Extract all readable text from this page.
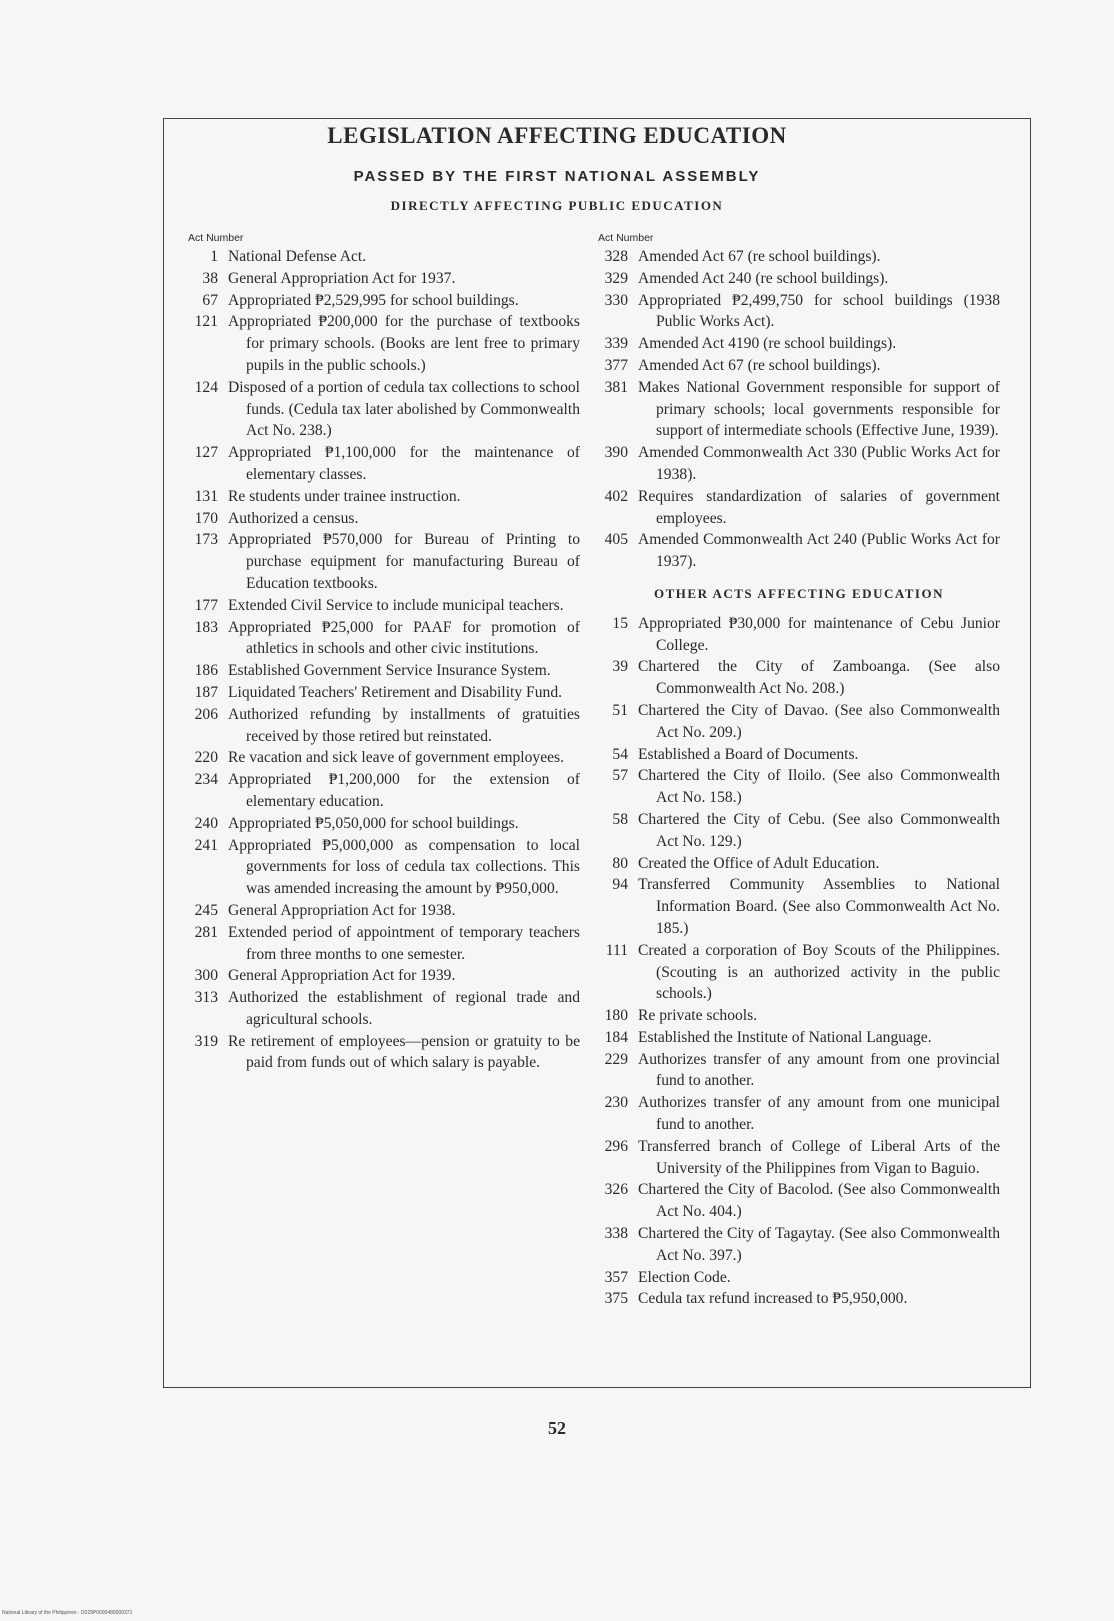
LEGISLATION AFFECTING EDUCATION
PASSED BY THE FIRST NATIONAL ASSEMBLY
DIRECTLY AFFECTING PUBLIC EDUCATION
Act Number
1 National Defense Act.
38 General Appropriation Act for 1937.
67 Appropriated ₱2,529,995 for school buildings.
121 Appropriated ₱200,000 for the purchase of textbooks for primary schools. (Books are lent free to primary pupils in the public schools.)
124 Disposed of a portion of cedula tax collections to school funds. (Cedula tax later abolished by Commonwealth Act No. 238.)
127 Appropriated ₱1,100,000 for the maintenance of elementary classes.
131 Re students under trainee instruction.
170 Authorized a census.
173 Appropriated ₱570,000 for Bureau of Printing to purchase equipment for manufacturing Bureau of Education textbooks.
177 Extended Civil Service to include municipal teachers.
183 Appropriated ₱25,000 for PAAF for promotion of athletics in schools and other civic institutions.
186 Established Government Service Insurance System.
187 Liquidated Teachers' Retirement and Disability Fund.
206 Authorized refunding by installments of gratuities received by those retired but reinstated.
220 Re vacation and sick leave of government employees.
234 Appropriated ₱1,200,000 for the extension of elementary education.
240 Appropriated ₱5,050,000 for school buildings.
241 Appropriated ₱5,000,000 as compensation to local governments for loss of cedula tax collections. This was amended increasing the amount by ₱950,000.
245 General Appropriation Act for 1938.
281 Extended period of appointment of temporary teachers from three months to one semester.
300 General Appropriation Act for 1939.
313 Authorized the establishment of regional trade and agricultural schools.
319 Re retirement of employees—pension or gratuity to be paid from funds out of which salary is payable.
Act Number
328 Amended Act 67 (re school buildings).
329 Amended Act 240 (re school buildings).
330 Appropriated ₱2,499,750 for school buildings (1938 Public Works Act).
339 Amended Act 4190 (re school buildings).
377 Amended Act 67 (re school buildings).
381 Makes National Government responsible for support of primary schools; local governments responsible for support of intermediate schools (Effective June, 1939).
390 Amended Commonwealth Act 330 (Public Works Act for 1938).
402 Requires standardization of salaries of government employees.
405 Amended Commonwealth Act 240 (Public Works Act for 1937).
OTHER ACTS AFFECTING EDUCATION
15 Appropriated ₱30,000 for maintenance of Cebu Junior College.
39 Chartered the City of Zamboanga. (See also Commonwealth Act No. 208.)
51 Chartered the City of Davao. (See also Commonwealth Act No. 209.)
54 Established a Board of Documents.
57 Chartered the City of Iloilo. (See also Commonwealth Act No. 158.)
58 Chartered the City of Cebu. (See also Commonwealth Act No. 129.)
80 Created the Office of Adult Education.
94 Transferred Community Assemblies to National Information Board. (See also Commonwealth Act No. 185.)
111 Created a corporation of Boy Scouts of the Philippines. (Scouting is an authorized activity in the public schools.)
180 Re private schools.
184 Established the Institute of National Language.
229 Authorizes transfer of any amount from one provincial fund to another.
230 Authorizes transfer of any amount from one municipal fund to another.
296 Transferred branch of College of Liberal Arts of the University of the Philippines from Vigan to Baguio.
326 Chartered the City of Bacolod. (See also Commonwealth Act No. 404.)
338 Chartered the City of Tagaytay. (See also Commonwealth Act No. 397.)
357 Election Code.
375 Cedula tax refund increased to ₱5,950,000.
52
National Library of the Philippines · D029P0000480000371
